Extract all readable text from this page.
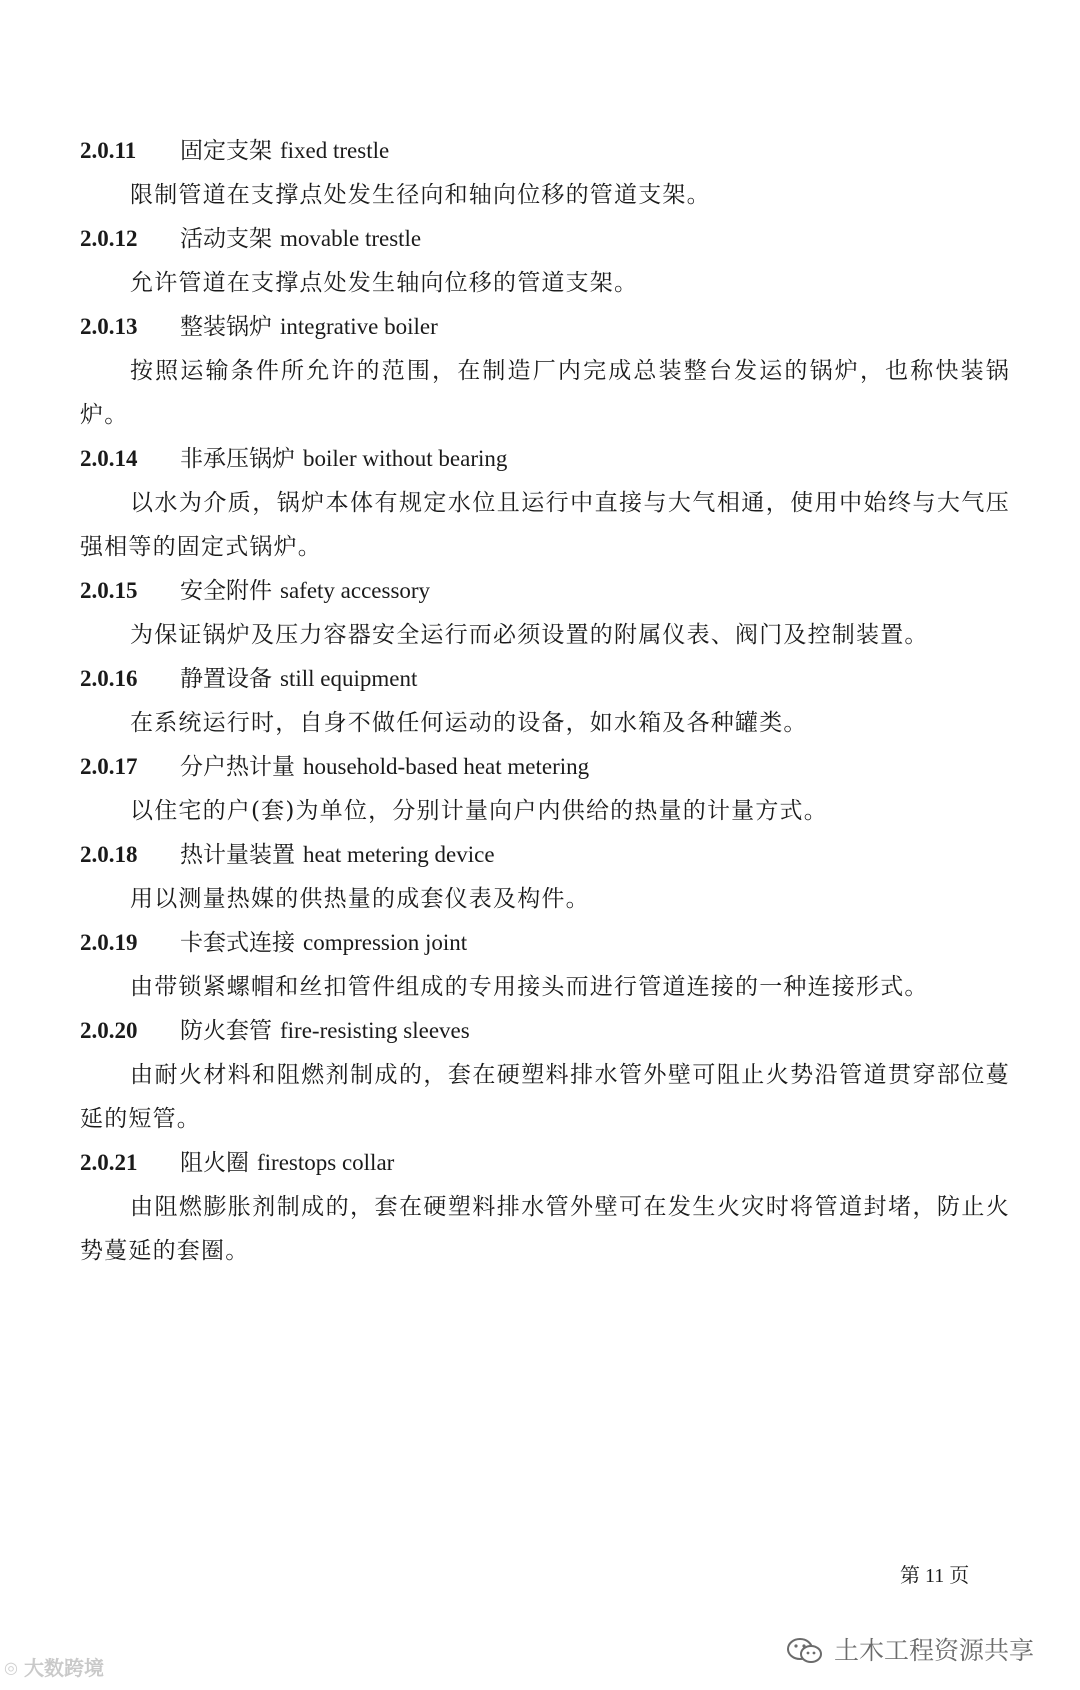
2.0.11 固定支架 fixed trestle

限制管道在支撑点处发生径向和轴向位移的管道支架。

2.0.12 活动支架 movable trestle

允许管道在支撑点处发生轴向位移的管道支架。

2.0.13 整装锅炉 integrative boiler

按照运输条件所允许的范围，在制造厂内完成总装整台发运的锅炉，也称快装锅炉。

2.0.14 非承压锅炉 boiler without bearing

以水为介质，锅炉本体有规定水位且运行中直接与大气相通，使用中始终与大气压强相等的固定式锅炉。

2.0.15 安全附件 safety accessory

为保证锅炉及压力容器安全运行而必须设置的附属仪表、阀门及控制装置。

2.0.16 静置设备 still equipment

在系统运行时，自身不做任何运动的设备，如水箱及各种罐类。

2.0.17 分户热计量 household-based heat metering

以住宅的户(套)为单位，分别计量向户内供给的热量的计量方式。

2.0.18 热计量装置 heat metering device

用以测量热媒的供热量的成套仪表及构件。

2.0.19 卡套式连接 compression joint

由带锁紧螺帽和丝扣管件组成的专用接头而进行管道连接的一种连接形式。

2.0.20 防火套管 fire-resisting sleeves

由耐火材料和阻燃剂制成的，套在硬塑料排水管外壁可阻止火势沿管道贯穿部位蔓延的短管。

2.0.21 阻火圈 firestops collar

由阻燃膨胀剂制成的，套在硬塑料排水管外壁可在发生火灾时将管道封堵，防止火势蔓延的套圈。

第 11 页
◎ 大数跨境
土木工程资源共享
